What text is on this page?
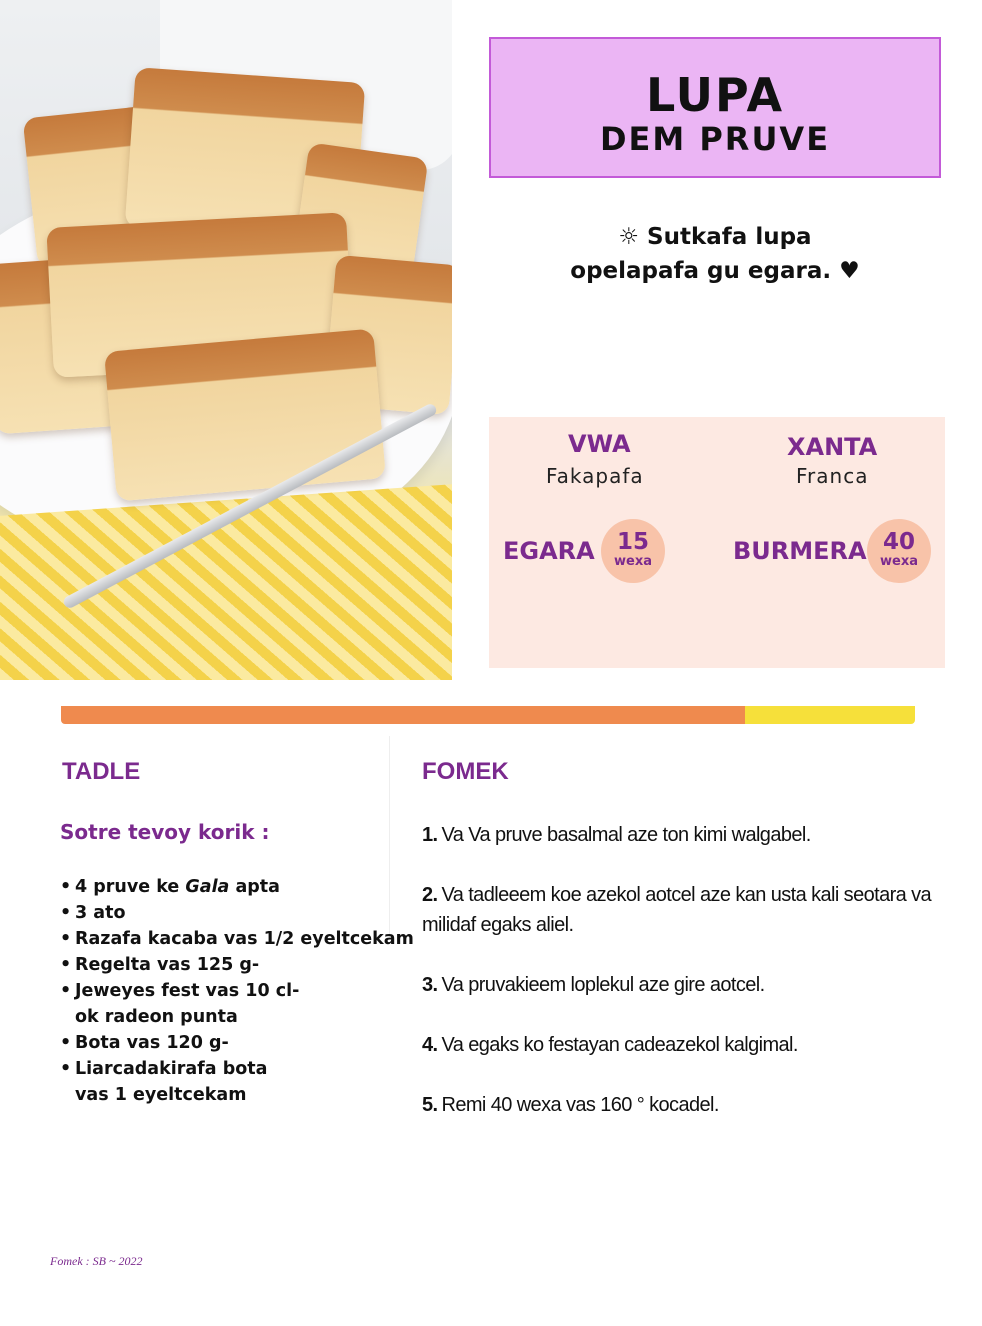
LUPA
DEM PRUVE
☼ Sutkafa lupa
opelapafa gu egara. ♥
VWA
Fakapafa
XANTA
Franca
EGARA 15
wexa	BURMERA 40
wexa
TADLE
Sotre tevoy korik :
• 4 pruve ke Gala apta
• 3 ato
• Razafa kacaba vas 1/2 eyeltcekam
• Regelta vas 125 g-
• Jeweyes fest vas 10 cl-
ok radeon punta
• Bota vas 120 g-
• Liarcadakirafa bota
vas 1 eyeltcekam
FOMEK
1. Va Va pruve basalmal aze ton kimi walgabel.
2. Va tadleeem koe azekol aotcel aze kan usta kali seotara va milidaf egaks aliel.
3. Va pruvakieem loplekul aze gire aotcel.
4. Va egaks ko festayan cadeazekol kalgimal.
5. Remi 40 wexa vas 160 ° kocadel.
Fomek : SB ~ 2022
